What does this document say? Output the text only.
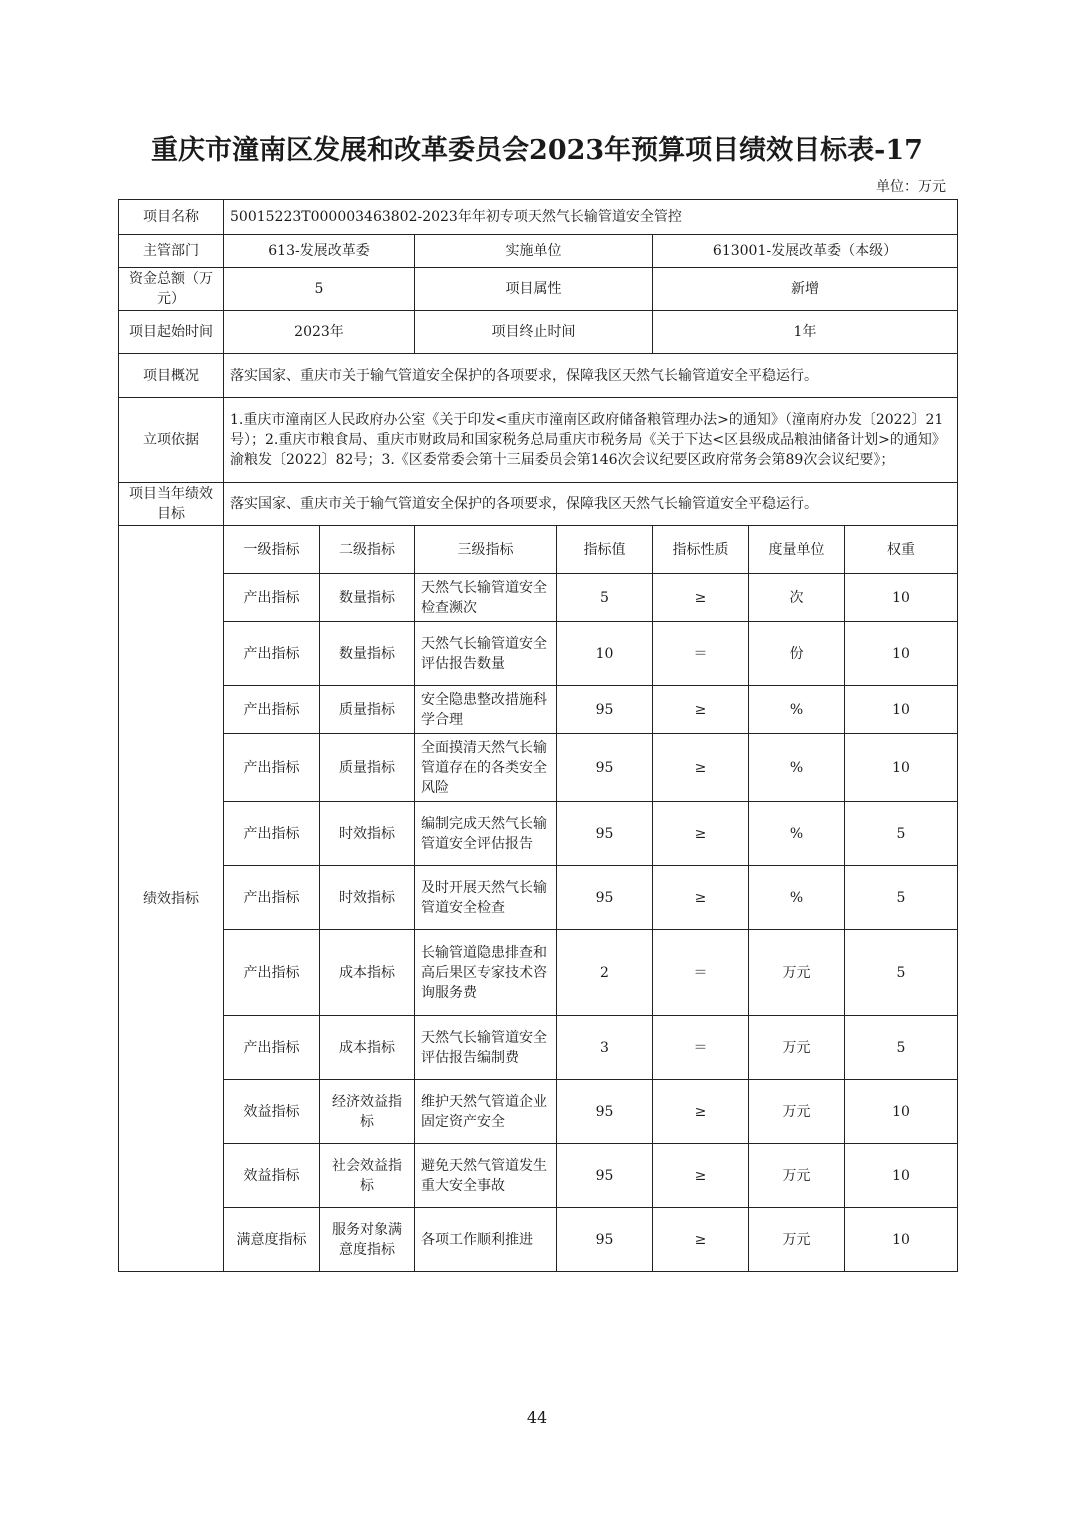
重庆市潼南区发展和改革委员会2023年预算项目绩效目标表-17
单位：万元
项目名称	50015223T000003463802-2023年年初专项天然气长输管道安全管控						
主管部门	613-发展改革委		实施单位		613001-发展改革委（本级）		
资金总额（万元）	5		项目属性		新增		
项目起始时间	2023年		项目终止时间		1年		
项目概况	落实国家、重庆市关于输气管道安全保护的各项要求，保障我区天然气长输管道安全平稳运行。						
立项依据	1.重庆市潼南区人民政府办公室《关于印发<重庆市潼南区政府储备粮管理办法>的通知》（潼南府办发〔2022〕21号）；2.重庆市粮食局、重庆市财政局和国家税务总局重庆市税务局《关于下达<区县级成品粮油储备计划>的通知》渝粮发〔2022〕82号；3.《区委常委会第十三届委员会第146次会议纪要区政府常务会第89次会议纪要》；						
项目当年绩效目标	落实国家、重庆市关于输气管道安全保护的各项要求，保障我区天然气长输管道安全平稳运行。						
绩效指标	一级指标	二级指标	三级指标	指标值	指标性质	度量单位	权重
	产出指标	数量指标	天然气长输管道安全检查濒次	5	≥	次	10
	产出指标	数量指标	天然气长输管道安全评估报告数量	10	＝	份	10
	产出指标	质量指标	安全隐患整改措施科学合理	95	≥	%	10
	产出指标	质量指标	全面摸清天然气长输管道存在的各类安全风险	95	≥	%	10
	产出指标	时效指标	编制完成天然气长输管道安全评估报告	95	≥	%	5
	产出指标	时效指标	及时开展天然气长输管道安全检查	95	≥	%	5
	产出指标	成本指标	长输管道隐患排查和高后果区专家技术咨询服务费	2	＝	万元	5
	产出指标	成本指标	天然气长输管道安全评估报告编制费	3	＝	万元	5
	效益指标	经济效益指标	维护天然气管道企业固定资产安全	95	≥	万元	10
	效益指标	社会效益指标	避免天然气管道发生重大安全事故	95	≥	万元	10
	满意度指标	服务对象满意度指标	各项工作顺利推进	95	≥	万元	10
44
